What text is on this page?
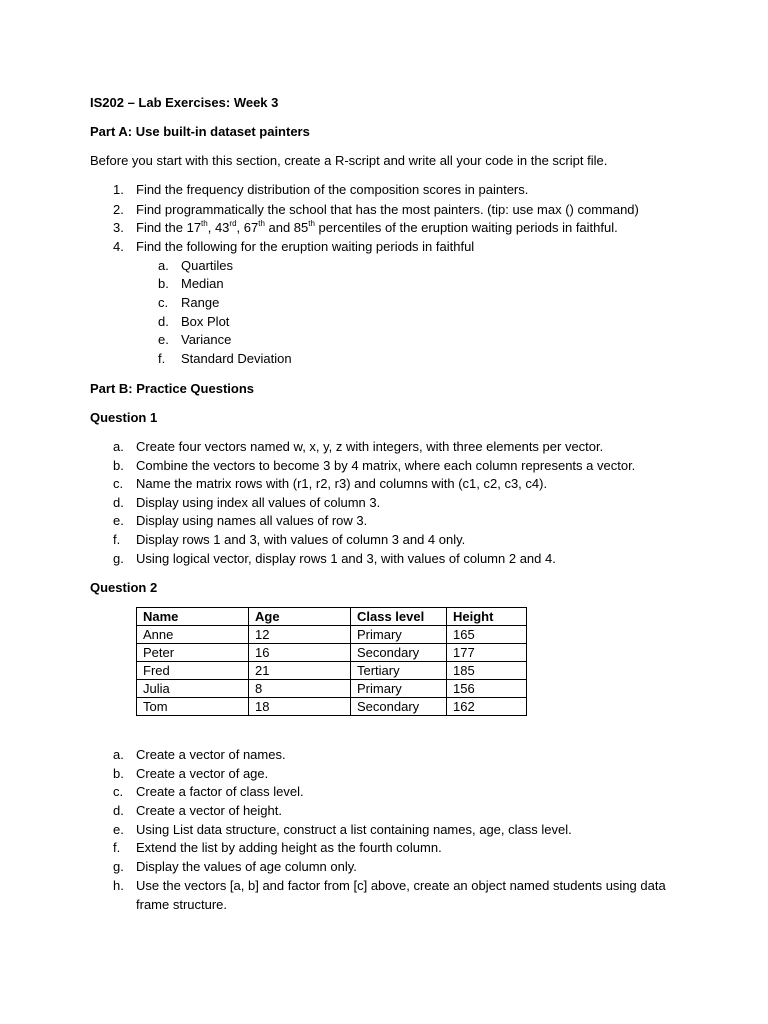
IS202 – Lab Exercises: Week 3
Part A: Use built-in dataset painters
Before you start with this section, create a R-script and write all your code in the script file.
1. Find the frequency distribution of the composition scores in painters.
2. Find programmatically the school that has the most painters. (tip: use max () command)
3. Find the 17th, 43rd, 67th and 85th percentiles of the eruption waiting periods in faithful.
4. Find the following for the eruption waiting periods in faithful
a. Quartiles
b. Median
c. Range
d. Box Plot
e. Variance
f. Standard Deviation
Part B: Practice Questions
Question 1
a. Create four vectors named w, x, y, z with integers, with three elements per vector.
b. Combine the vectors to become 3 by 4 matrix, where each column represents a vector.
c. Name the matrix rows with (r1, r2, r3) and columns with (c1, c2, c3, c4).
d. Display using index all values of column 3.
e. Display using names all values of row 3.
f. Display rows 1 and 3, with values of column 3 and 4 only.
g. Using logical vector, display rows 1 and 3, with values of column 2 and 4.
Question 2
Name	Age	Class level	Height
Anne	12	Primary	165
Peter	16	Secondary	177
Fred	21	Tertiary	185
Julia	8	Primary	156
Tom	18	Secondary	162
a. Create a vector of names.
b. Create a vector of age.
c. Create a factor of class level.
d. Create a vector of height.
e. Using List data structure, construct a list containing names, age, class level.
f. Extend the list by adding height as the fourth column.
g. Display the values of age column only.
h. Use the vectors [a, b] and factor from [c] above, create an object named students using data
frame structure.
